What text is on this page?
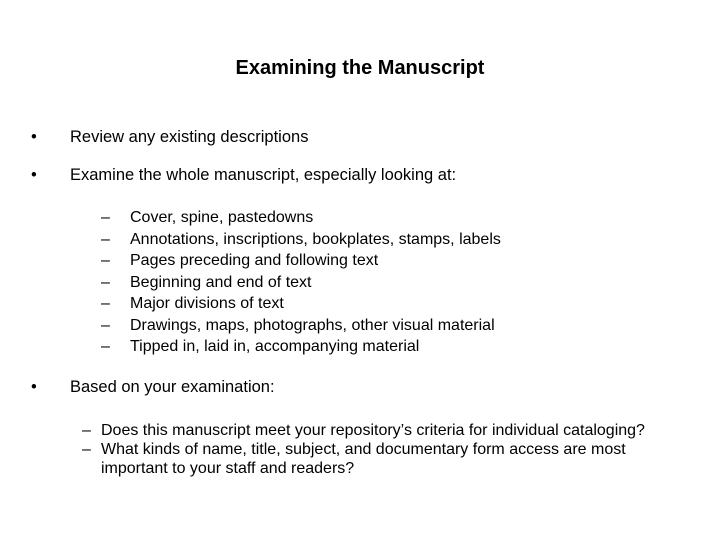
Examining the Manuscript
• Review any existing descriptions
• Examine the whole manuscript, especially looking at:
– Cover, spine, pastedowns
– Annotations, inscriptions, bookplates, stamps, labels
– Pages preceding and following text
– Beginning and end of text
– Major divisions of text
– Drawings, maps, photographs, other visual material
– Tipped in, laid in, accompanying material
• Based on your examination:
– Does this manuscript meet your repository’s criteria for individual cataloging?
– What kinds of name, title, subject, and documentary form access are most important to your staff and readers?
